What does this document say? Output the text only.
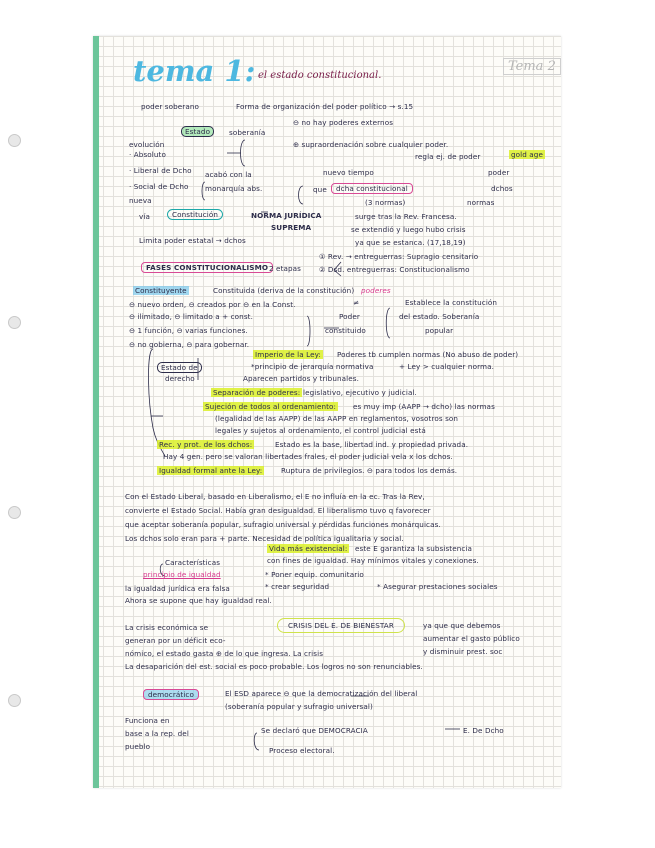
tema 1: el estado constitucional.
Tema 2
poder soberano	Forma de organización del poder político → s.15
Estado	soberanía
⊖ no hay poderes externos
evolución	⊕ supraordenación sobre cualquier poder.
· Absoluto	regla ej. de poder	gold age
· Liberal de Dcho acabó con la	nuevo tiempo	poder
· Social de Dcho monarquía abs.	que	dcha constitucional	dchos
nueva	(3 normas)	normas
vía	Constitución	NORMA JURÍDICA	surge tras la Rev. Francesa.
SUPREMA	se extendió y luego hubo crisis
Limita poder estatal → dchos	ya que se estanca. (17,18,19)
① Rev. → entreguerras: Supragio censitario
FASES CONSTITUCIONALISMO 2 etapas ② Dsd. entreguerras: Constitucionalismo
Constituyente	Constituida (deriva de la constitución) poderes
⊖ nuevo orden, ⊖ creados por ⊖ en la Const.	≠	Establece la constitución
⊖ ilimitado, ⊖ limitado a + const.	Poder	del estado. Soberanía
⊖ 1 función, ⊖ varias funciones.	constituido	popular
⊖ no gobierna, ⊖ para gobernar.
Imperio de la Ley: Poderes tb cumplen normas (No abuso de poder)
Estado de	*principio de jerarquía normativa	+ Ley > cualquier norma.
derecho	Aparecen partidos y tribunales.
Separación de poderes: legislativo, ejecutivo y judicial.
Sujeción de todos al ordenamiento: es muy imp (AAPP → dcho) las normas
(legalidad de las AAPP) de las AAPP en reglamentos, vosotros son
legales y sujetos al ordenamiento, el control judicial está
Rec. y prot. de los dchos:	Estado es la base, libertad ind. y propiedad privada.
Hay 4 gen. pero se valoran libertades frales, el poder judicial vela x los dchos.
Igualdad formal ante la Ley:	Ruptura de privilegios. ⊖ para todos los demás.
Con el Estado Liberal, basado en Liberalismo, el E no influía en la ec. Tras la Rev,
convierte el Estado Social. Había gran desigualdad. El liberalismo tuvo q favorecer
que aceptar soberanía popular, sufragio universal y pérdidas funciones monárquicas.
Los dchos solo eran para + parte. Necesidad de política igualitaria y social.
Vida más existencial: este E garantiza la subsistencia
Características	con fines de igualdad. Hay mínimos vitales y conexiones.
principio de igualdad	* Poner equip. comunitario
la igualdad jurídica era falsa	* crear seguridad	* Asegurar prestaciones sociales
Ahora se supone que hay igualdad real.
La crisis económica se	CRISIS DEL E. DE BIENESTAR	ya que que debemos
generan por un déficit eco-	aumentar el gasto público
nómico, el estado gasta ⊕ de lo que ingresa. La crisis	y disminuir prest. soc
La desaparición del est. social es poco probable. Los logros no son renunciables.
democrático	El ESD aparece ⊖ que la democratización del liberal
(soberanía popular y sufragio universal)
Funciona en
base a la rep. del	Se declaró que DEMOCRACIA	E. De Dcho
pueblo	Proceso electoral.
